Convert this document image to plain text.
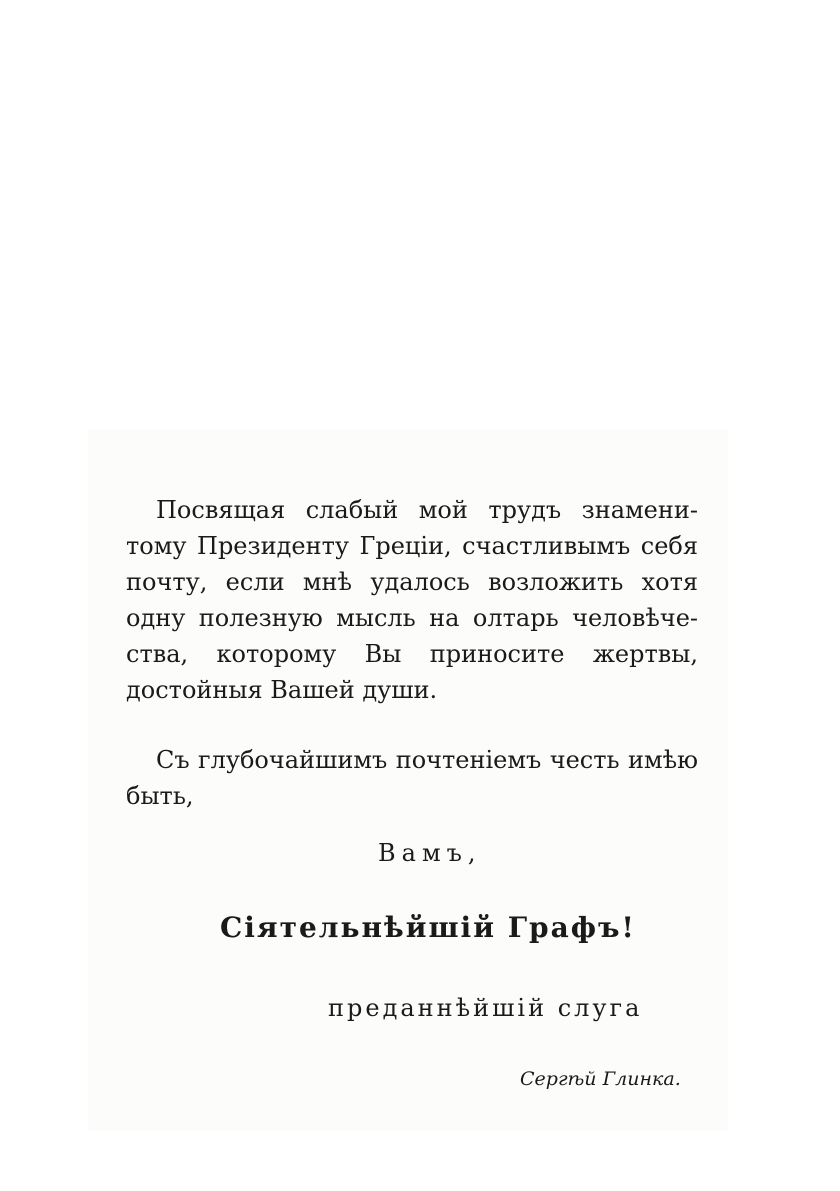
Посвящая слабый мой трудъ знамени-
тому Президенту Греціи, счастливымъ себя
почту, если мнѣ удалось возложить хотя
одну полезную мысль на олтарь человѣче-
ства, которому Вы приносите жертвы,
достойныя Вашей души.
Съ глубочайшимъ почтеніемъ честь имѣю
быть,

Вамъ,

Сіятельнѣйшій Графъ!

преданнѣйшій слуга

Сергѣй Глинка.
